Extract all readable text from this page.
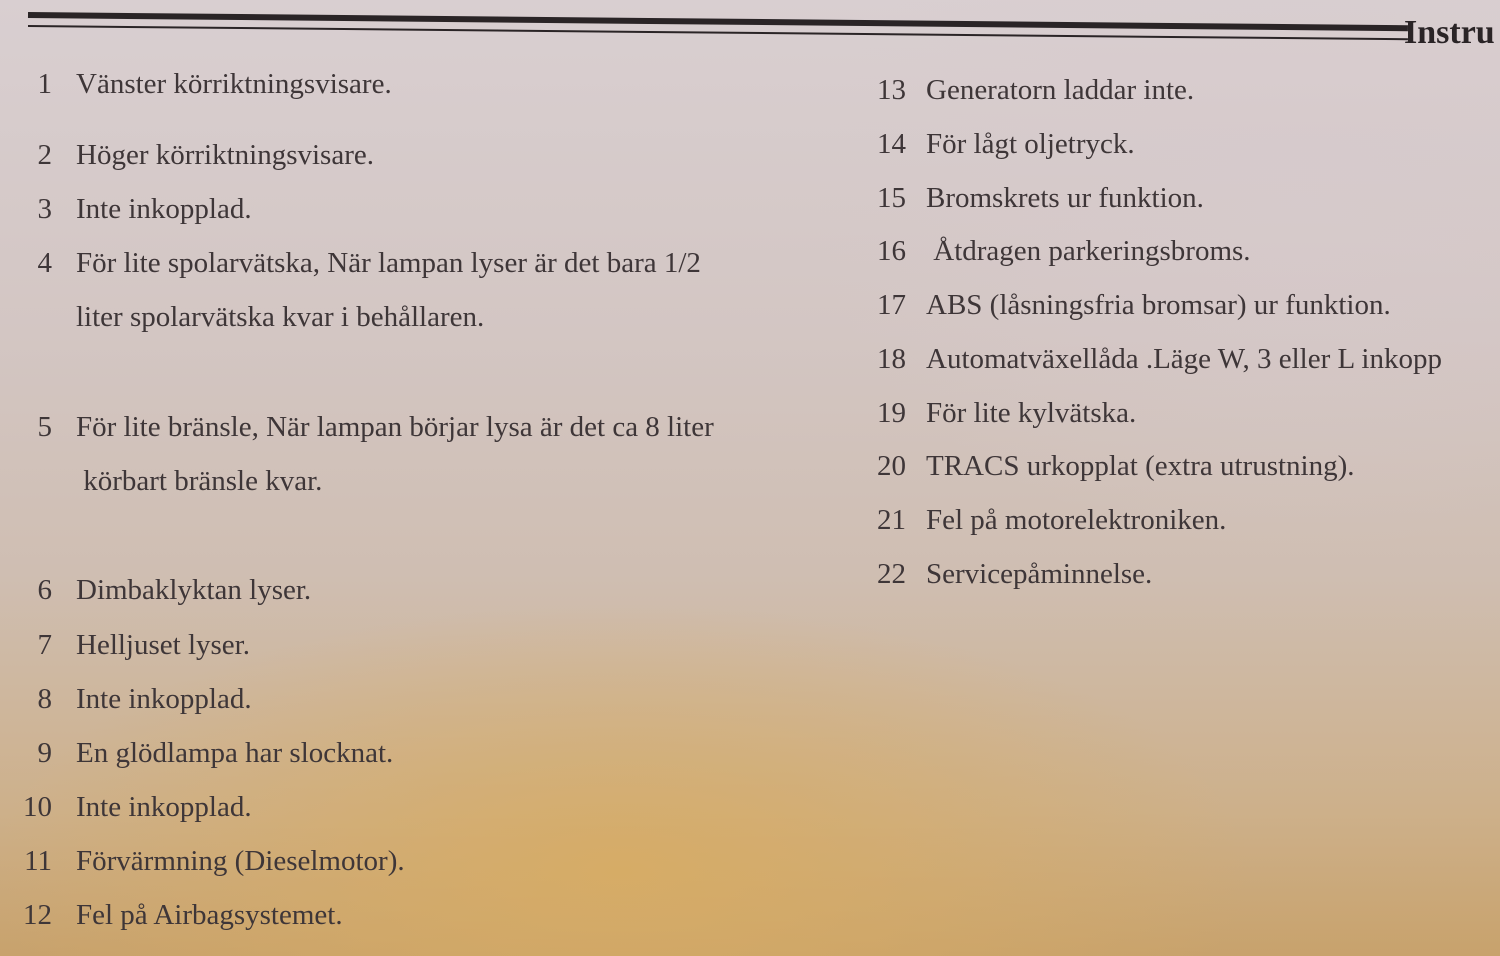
Instru
1 Vänster körriktningsvisare.
2 Höger körriktningsvisare.
3 Inte inkopplad.
4 För lite spolarvätska, När lampan lyser är det bara 1/2
liter spolarvätska kvar i behållaren.
5 För lite bränsle, När lampan börjar lysa är det ca 8 liter
körbart bränsle kvar.
6 Dimbaklyktan lyser.
7 Helljuset lyser.
8 Inte inkopplad.
9 En glödlampa har slocknat.
10 Inte inkopplad.
11 Förvärmning (Dieselmotor).
12 Fel på Airbagsystemet.
13 Generatorn laddar inte.
14 För lågt oljetryck.
15 Bromskrets ur funktion.
16 Åtdragen parkeringsbroms.
17 ABS (låsningsfria bromsar) ur funktion.
18 Automatväxellåda .Läge W, 3 eller L inkopp
19 För lite kylvätska.
20 TRACS urkopplat (extra utrustning).
21 Fel på motorelektroniken.
22 Servicepåminnelse.
